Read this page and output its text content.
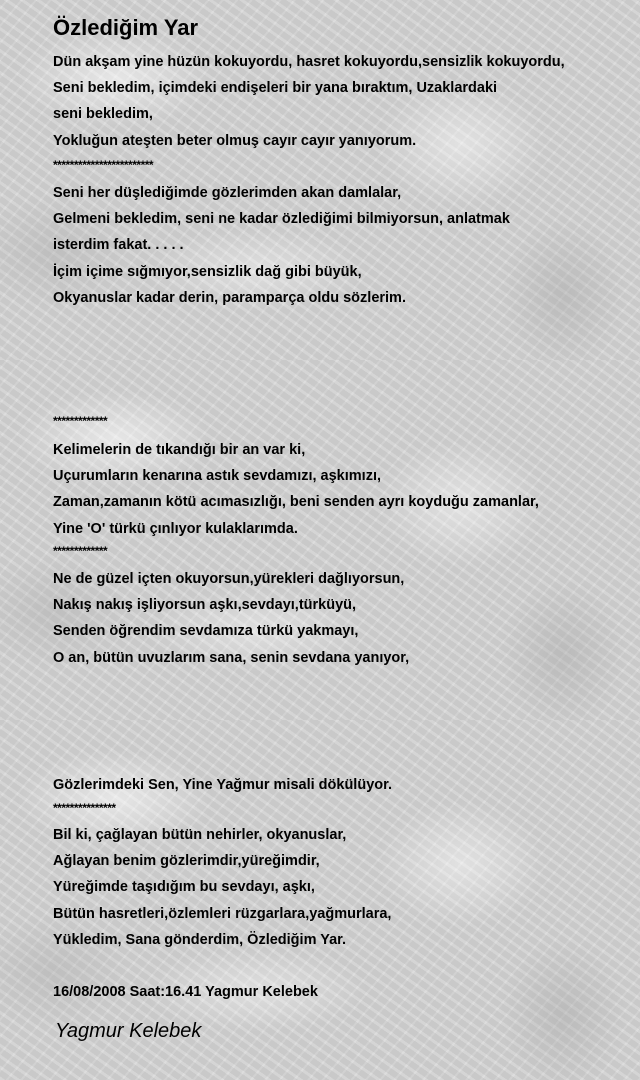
Özlediğim Yar
Dün akşam yine hüzün kokuyordu, hasret kokuyordu,sensizlik kokuyordu,
Seni bekledim, içimdeki endişeleri bir yana bıraktım, Uzaklardaki
seni bekledim,
Yokluğun ateşten beter olmuş cayır cayır yanıyorum.
************************
Seni her düşlediğimde gözlerimden akan damlalar,
Gelmeni bekledim, seni ne kadar özlediğimi bilmiyorsun, anlatmak
isterdim fakat. . . . .
İçim içime sığmıyor,sensizlik dağ gibi büyük,
Okyanuslar kadar derin, paramparça oldu sözlerim.
*************
Kelimelerin de tıkandığı bir an var ki,
Uçurumların kenarına astık sevdamızı, aşkımızı,
Zaman,zamanın kötü acımasızlığı, beni senden ayrı koyduğu zamanlar,
Yine 'O' türkü çınlıyor kulaklarımda.
*************
Ne de güzel içten okuyorsun,yürekleri dağlıyorsun,
Nakış nakış işliyorsun aşkı,sevdayı,türküyü,
Senden öğrendim sevdamıza türkü yakmayı,
O an, bütün uvuzlarım sana, senin sevdana yanıyor,
Gözlerimdeki Sen, Yine Yağmur misali dökülüyor.
***************
Bil ki, çağlayan bütün nehirler, okyanuslar,
Ağlayan benim gözlerimdir,yüreğimdir,
Yüreğimde taşıdığım bu sevdayı, aşkı,
Bütün hasretleri,özlemleri rüzgarlara,yağmurlara,
Yükledim, Sana gönderdim, Özlediğim Yar.
16/08/2008 Saat:16.41 Yagmur Kelebek

Yagmur Kelebek
